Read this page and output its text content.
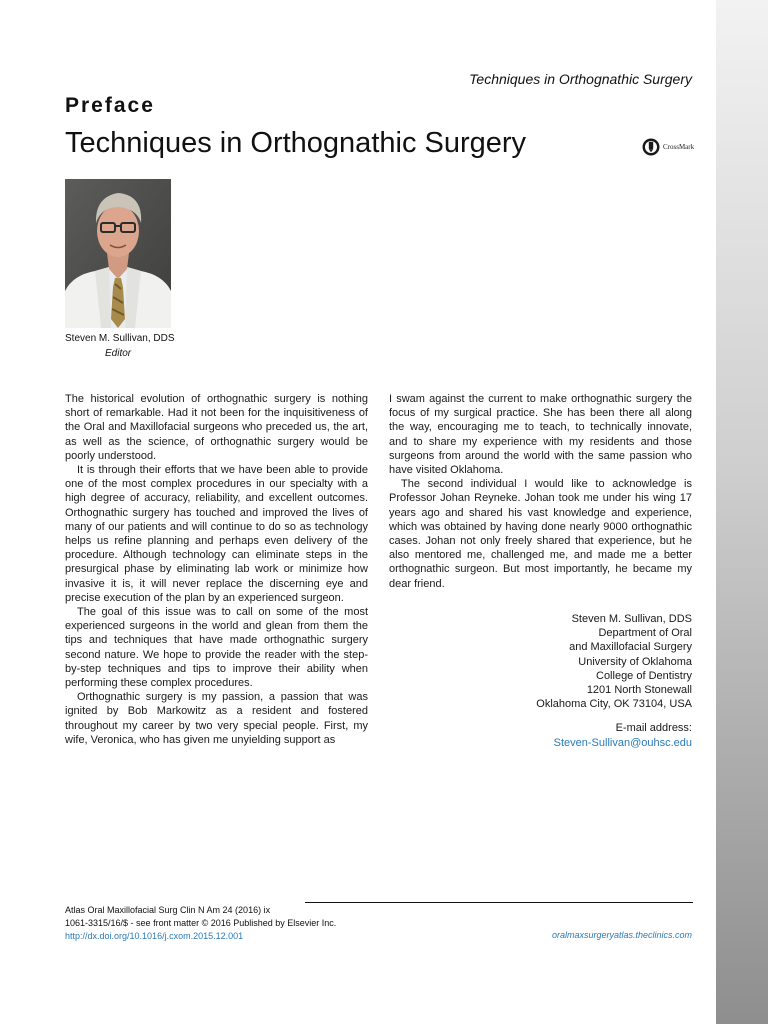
Techniques in Orthognathic Surgery
Preface
Techniques in Orthognathic Surgery	CrossMark
Steven M. Sullivan, DDS
Editor

The historical evolution of orthognathic surgery is nothing short of remarkable. Had it not been for the inquisitiveness of the Oral and Maxillofacial surgeons who preceded us, the art, as well as the science, of orthognathic surgery would be poorly understood.

It is through their efforts that we have been able to provide one of the most complex procedures in our specialty with a high degree of accuracy, reliability, and excellent outcomes. Orthognathic surgery has touched and improved the lives of many of our patients and will continue to do so as technology helps us refine planning and perhaps even delivery of the procedure. Although technology can eliminate steps in the presurgical phase by eliminating lab work or minimize how invasive it is, it will never replace the discerning eye and precise execution of the plan by an experienced surgeon.

The goal of this issue was to call on some of the most experienced surgeons in the world and glean from them the tips and techniques that have made orthognathic surgery second nature. We hope to provide the reader with the step-by-step techniques and tips to improve their ability when performing these complex procedures.

Orthognathic surgery is my passion, a passion that was ignited by Bob Markowitz as a resident and fostered throughout my career by two very special people. First, my wife, Veronica, who has given me unyielding support as

I swam against the current to make orthognathic surgery the focus of my surgical practice. She has been there all along the way, encouraging me to teach, to technically innovate, and to share my experience with my residents and those surgeons from around the world with the same passion who have visited Oklahoma.

The second individual I would like to acknowledge is Professor Johan Reyneke. Johan took me under his wing 17 years ago and shared his vast knowledge and experience, which was obtained by having done nearly 9000 orthognathic cases. Johan not only freely shared that experience, but he also mentored me, challenged me, and made me a better orthognathic surgeon. But most importantly, he became my dear friend.

Steven M. Sullivan, DDS
Department of Oral
and Maxillofacial Surgery
University of Oklahoma
College of Dentistry
1201 North Stonewall
Oklahoma City, OK 73104, USA
E-mail address:
Steven-Sullivan@ouhsc.edu
Atlas Oral Maxillofacial Surg Clin N Am 24 (2016) ix
1061-3315/16/$ - see front matter © 2016 Published by Elsevier Inc.
http://dx.doi.org/10.1016/j.cxom.2015.12.001	oralmaxsurgeryatlas.theclinics.com
